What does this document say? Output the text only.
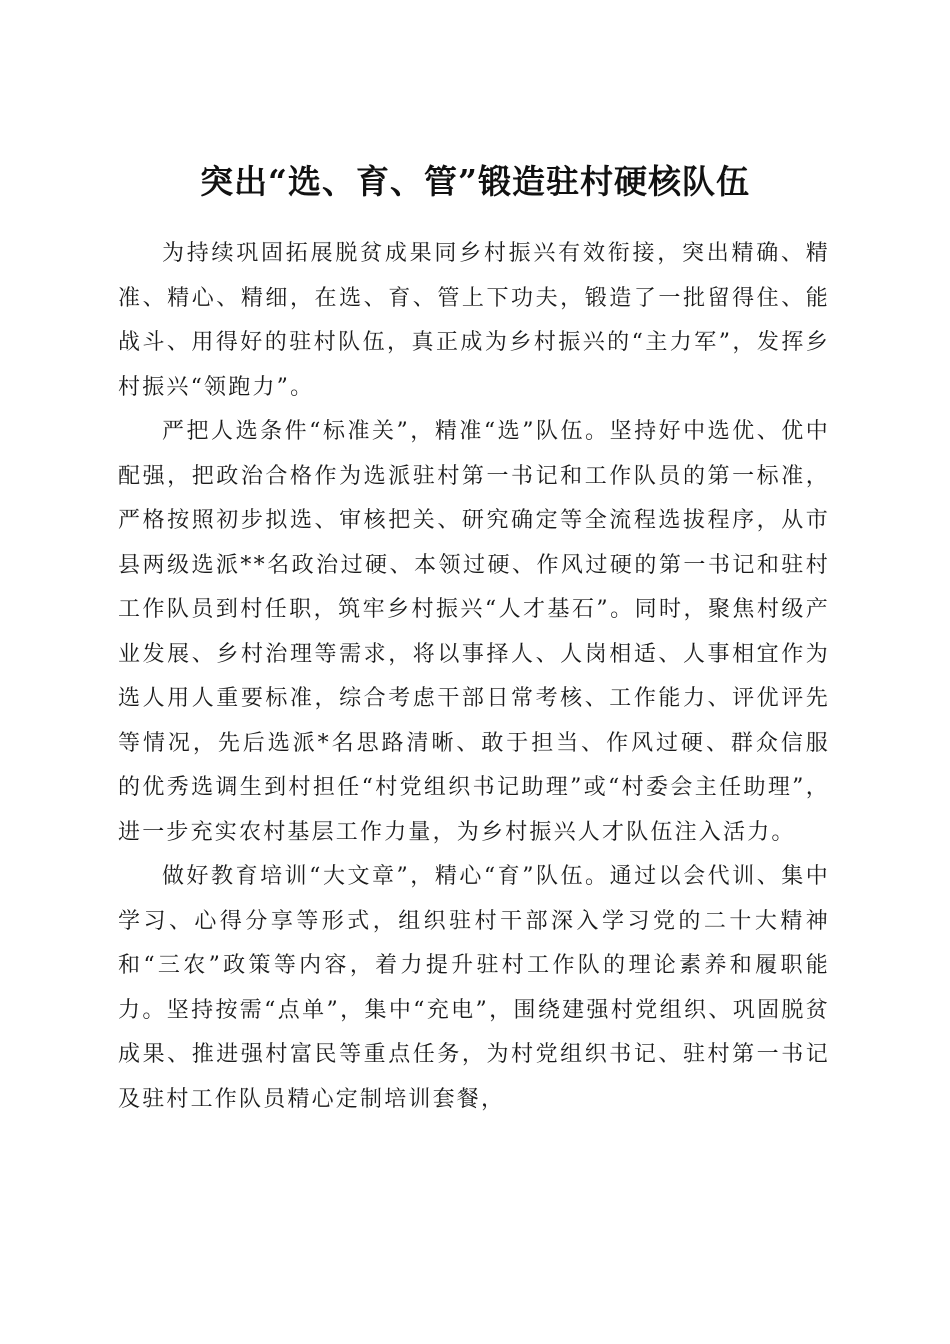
突出“选、育、管”锻造驻村硬核队伍

为持续巩固拓展脱贫成果同乡村振兴有效衔接，突出精确、精准、精心、精细，在选、育、管上下功夫，锻造了一批留得住、能战斗、用得好的驻村队伍，真正成为乡村振兴的“主力军”，发挥乡村振兴“领跑力”。

严把人选条件“标准关”，精准“选”队伍。坚持好中选优、优中配强，把政治合格作为选派驻村第一书记和工作队员的第一标准，严格按照初步拟选、审核把关、研究确定等全流程选拔程序，从市县两级选派**名政治过硬、本领过硬、作风过硬的第一书记和驻村工作队员到村任职，筑牢乡村振兴“人才基石”。同时，聚焦村级产业发展、乡村治理等需求，将以事择人、人岗相适、人事相宜作为选人用人重要标准，综合考虑干部日常考核、工作能力、评优评先等情况，先后选派*名思路清晰、敢于担当、作风过硬、群众信服的优秀选调生到村担任“村党组织书记助理”或“村委会主任助理”，进一步充实农村基层工作力量，为乡村振兴人才队伍注入活力。

做好教育培训“大文章”，精心“育”队伍。通过以会代训、集中学习、心得分享等形式，组织驻村干部深入学习党的二十大精神和“三农”政策等内容，着力提升驻村工作队的理论素养和履职能力。坚持按需“点单”，集中“充电”，围绕建强村党组织、巩固脱贫成果、推进强村富民等重点任务，为村党组织书记、驻村第一书记及驻村工作队员精心定制培训套餐，
